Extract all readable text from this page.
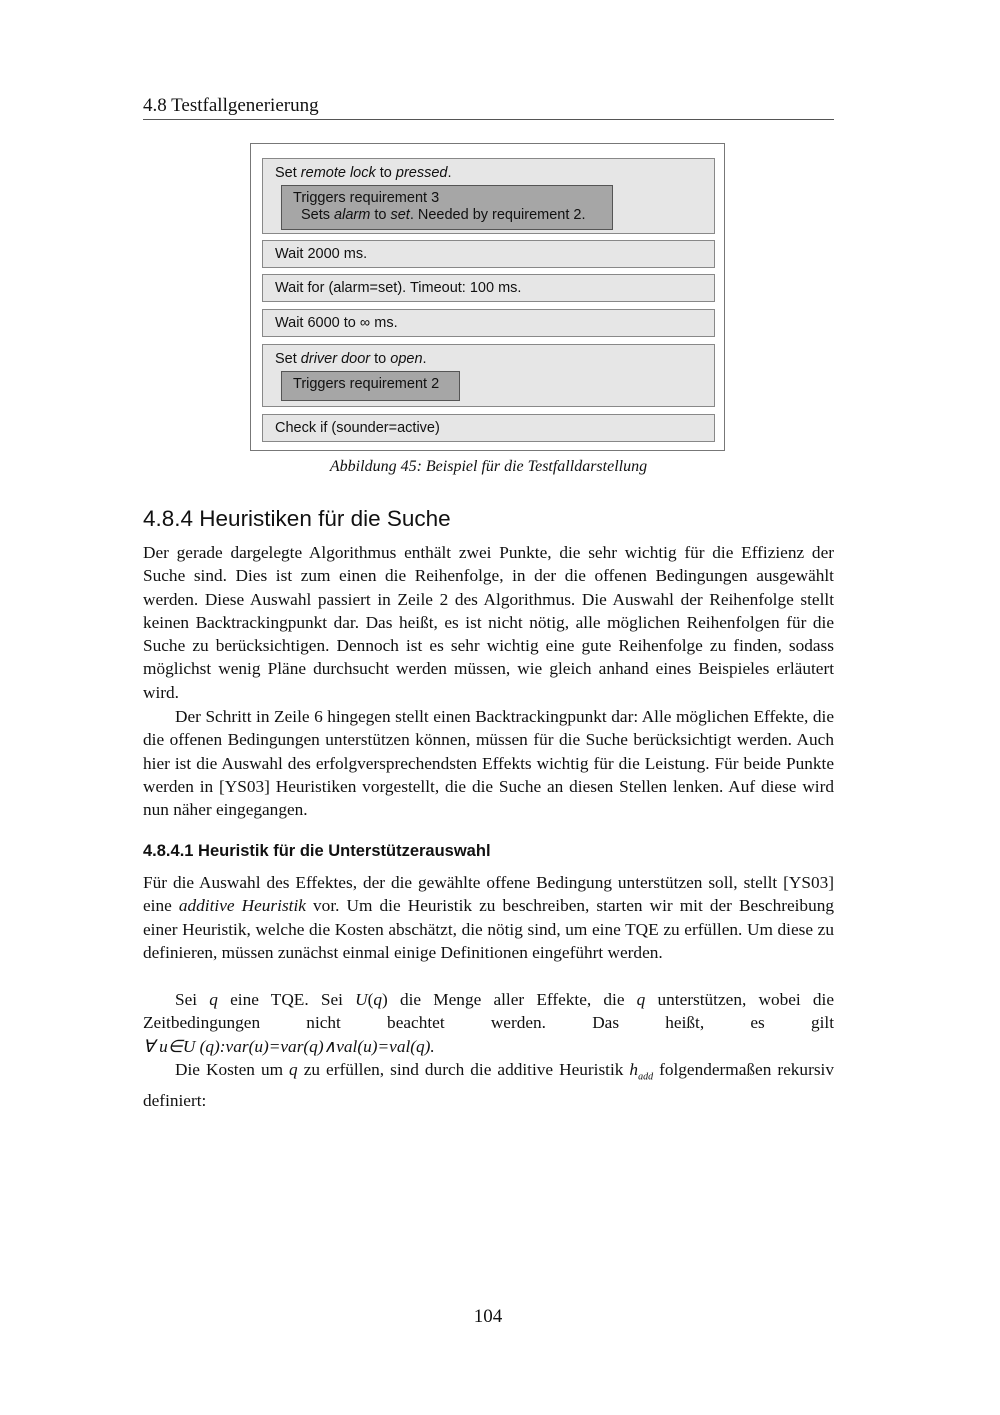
4.8 Testfallgenerierung
Set remote lock to pressed.
Triggers requirement 3
Sets alarm to set. Needed by requirement 2.
Wait 2000 ms.
Wait for (alarm=set). Timeout: 100 ms.
Wait 6000 to ∞ ms.
Set driver door to open.
Triggers requirement 2
Check if (sounder=active)
Abbildung 45: Beispiel für die Testfalldarstellung
4.8.4 Heuristiken für die Suche

Der gerade dargelegte Algorithmus enthält zwei Punkte, die sehr wichtig für die Effizienz der Suche sind. Dies ist zum einen die Reihenfolge, in der die offenen Bedingungen ausgewählt werden. Diese Auswahl passiert in Zeile 2 des Algorithmus. Die Auswahl der Reihenfolge stellt keinen Backtrackingpunkt dar. Das heißt, es ist nicht nötig, alle möglichen Reihenfolgen für die Suche zu berücksichtigen. Dennoch ist es sehr wichtig eine gute Reihenfolge zu finden, sodass möglichst wenig Pläne durchsucht werden müssen, wie gleich anhand eines Beispieles erläutert wird.

Der Schritt in Zeile 6 hingegen stellt einen Backtrackingpunkt dar: Alle möglichen Effekte, die die offenen Bedingungen unterstützen können, müssen für die Suche berücksichtigt werden. Auch hier ist die Auswahl des erfolgversprechendsten Effekts wichtig für die Leistung. Für beide Punkte werden in [YS03] Heuristiken vorgestellt, die die Suche an diesen Stellen lenken. Auf diese wird nun näher eingegangen.

4.8.4.1 Heuristik für die Unterstützerauswahl

Für die Auswahl des Effektes, der die gewählte offene Bedingung unterstützen soll, stellt [YS03] eine additive Heuristik vor. Um die Heuristik zu beschreiben, starten wir mit der Beschreibung einer Heuristik, welche die Kosten abschätzt, die nötig sind, um eine TQE zu erfüllen. Um diese zu definieren, müssen zunächst einmal einige Definitionen eingeführt werden.

Sei q eine TQE. Sei U(q) die Menge aller Effekte, die q unterstützen, wobei die Zeitbedingungen nicht beachtet werden. Das heißt, es gilt

∀ u∈U (q):var(u)=var(q)∧val(u)=val(q).

Die Kosten um q zu erfüllen, sind durch die additive Heuristik $h_{add}$ folgendermaßen rekursiv definiert:

104
